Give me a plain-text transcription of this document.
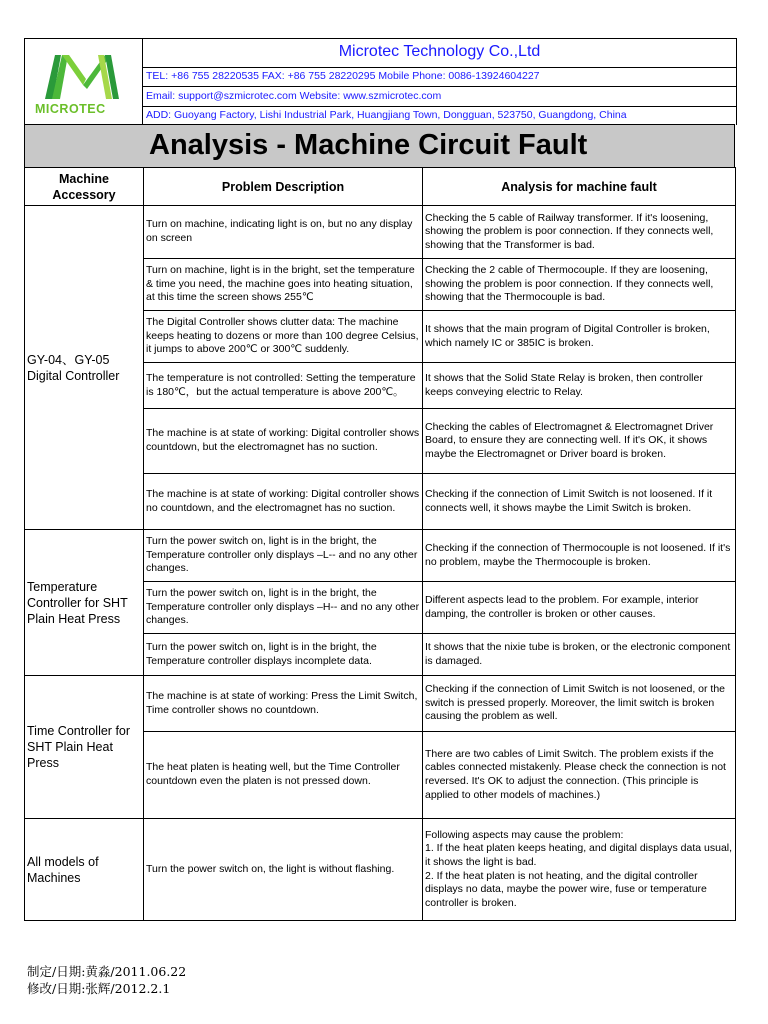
MICROTEC
Microtec Technology Co.,Ltd
TEL: +86 755 28220535 FAX: +86 755 28220295 Mobile Phone: 0086-13924604227
Email: support@szmicrotec.com Website: www.szmicrotec.com
ADD: Guoyang Factory, Lishi Industrial Park, Huangjiang Town, Dongguan, 523750, Guangdong, China
Analysis - Machine Circuit Fault
Machine Accessory	Problem Description	Analysis for machine fault
GY-04、GY-05 Digital Controller	Turn on machine, indicating light is on, but no any display on screen	Checking the 5 cable of Railway transformer. If it's loosening, showing the problem is poor connection. If they connects well, showing that the Transformer is bad.
	Turn on machine, light is in the bright, set the temperature & time you need, the machine goes into heating situation, at this time the screen shows 255℃	Checking the 2 cable of Thermocouple. If they are loosening, showing the problem is poor connection. If they connects well, showing that the Thermocouple is bad.
	The Digital Controller shows clutter data: The machine keeps heating to dozens or more than 100 degree Celsius, it jumps to above 200℃ or 300℃ suddenly.	It shows that the main program of Digital Controller is broken, which namely IC or 385IC is broken.
	The temperature is not controlled: Setting the temperature is 180℃，but the actual temperature is above 200℃。	It shows that the Solid State Relay is broken, then controller keeps conveying electric to Relay.
	The machine is at state of working: Digital controller shows countdown, but the electromagnet has no suction.	Checking the cables of Electromagnet & Electromagnet Driver Board, to ensure they are connecting well. If it's OK, it shows maybe the Electromagnet or Driver board is broken.
	The machine is at state of working: Digital controller shows no countdown, and the electromagnet has no suction.	Checking if the connection of Limit Switch is not loosened. If it connects well, it shows maybe the Limit Switch is broken.
Temperature Controller for SHT Plain Heat Press	Turn the power switch on, light is in the bright, the Temperature controller only displays –L-- and no any other changes.	Checking if the connection of Thermocouple is not loosened. If it's no problem, maybe the Thermocouple is broken.
	Turn the power switch on, light is in the bright, the Temperature controller only displays –H-- and no any other changes.	Different aspects lead to the problem. For example, interior damping, the controller is broken or other causes.
	Turn the power switch on, light is in the bright, the Temperature controller displays incomplete data.	It shows that the nixie tube is broken, or the electronic component is damaged.
Time Controller for SHT Plain Heat Press	The machine is at state of working: Press the Limit Switch, Time controller shows no countdown.	Checking if the connection of Limit Switch is not loosened, or the switch is pressed properly. Moreover, the limit switch is broken causing the problem as well.
	The heat platen is heating well, but the Time Controller countdown even the platen is not pressed down.	There are two cables of Limit Switch. The problem exists if the cables connected mistakenly. Please check the connection is not reversed. It's OK to adjust the connection. (This principle is applied to other models of machines.)
All models of Machines	Turn the power switch on, the light is without flashing.	Following aspects may cause the problem:
1. If the heat platen keeps heating, and digital displays data usual, it shows the light is bad.
2. If the heat platen is not heating, and the digital controller displays no data, maybe the power wire, fuse or temperature controller is broken.
制定/日期:黄淼/2011.06.22
修改/日期:张辉/2012.2.1
